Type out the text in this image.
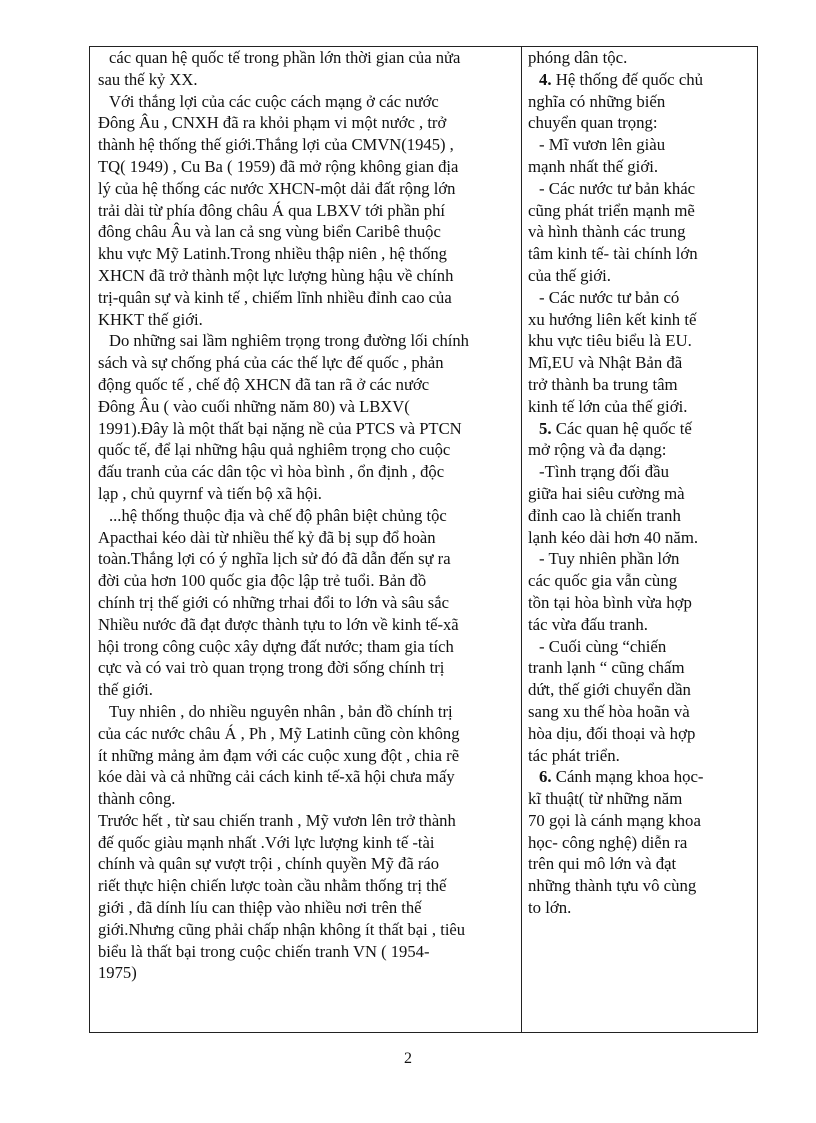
các quan hệ quốc tế trong phần lớn thời gian của nửa
sau thế kỷ XX.

Với thắng lợi của các cuộc cách mạng ở các nước
Đông Âu , CNXH đã ra khỏi phạm vi một nước , trở
thành hệ thống thế giới.Thắng lợi của CMVN(1945) ,
TQ( 1949) , Cu Ba ( 1959) đã mở rộng không gian địa
lý của hệ thống các nước XHCN-một dải đất rộng lớn
trải dài từ phía đông châu Á qua LBXV tới phần phí
đông châu Âu và lan cả sng vùng biển Caribê thuộc
khu vực Mỹ Latinh.Trong nhiều thập niên , hệ thống
XHCN đã trở thành một lực lượng hùng hậu về chính
trị-quân sự và kinh tế , chiếm lĩnh nhiều đỉnh cao của
KHKT thế giới.

Do những sai lầm nghiêm trọng trong đường lối chính
sách và sự chống phá của các thế lực đế quốc , phản
động quốc tế , chế độ XHCN đã tan rã ở các nước
Đông Âu ( vào cuối những năm 80) và LBXV(
1991).Đây là một thất bại nặng nề của PTCS và PTCN
quốc tế, để lại những hậu quả nghiêm trọng cho cuộc
đấu tranh của các dân tộc vì hòa bình , ổn định , độc
lạp , chủ quyrnf và tiến bộ xã hội.

...hệ thống thuộc địa và chế độ phân biệt chủng tộc
Apacthai kéo dài từ nhiều thế kỷ đã bị sụp đổ hoàn
toàn.Thắng lợi có ý nghĩa lịch sử đó đã dẫn đến sự ra
đời của hơn 100 quốc gia độc lập trẻ tuổi. Bản đồ
chính trị thế giới có những trhai đổi to lớn và sâu sắc
Nhiều nước đã đạt được thành tựu to lớn về kinh tế-xã
hội trong công cuộc xây dựng đất nước; tham gia tích
cực và có vai trò quan trọng trong đời sống chính trị
thế giới.

Tuy nhiên , do nhiều nguyên nhân , bản đồ chính trị
của các nước châu Á , Ph , Mỹ Latinh cũng còn không
ít những mảng ảm đạm với các cuộc xung đột , chia rẽ
kóe dài và cả những cải cách kinh tế-xã hội chưa mấy
thành công.

Trước hết , từ sau chiến tranh , Mỹ vươn lên trở thành
đế quốc giàu mạnh nhất .Với lực lượng kinh tế -tài
chính và quân sự vượt trội , chính quyền Mỹ đã ráo
riết thực hiện chiến lược toàn cầu nhằm thống trị thế
giới , đã dính líu can thiệp vào nhiều nơi trên thế
giới.Nhưng cũng phải chấp nhận không ít thất bại , tiêu
biểu là thất bại trong cuộc chiến tranh VN ( 1954-
1975)

phóng dân tộc.

4. Hệ thống đế quốc chủ
nghĩa có những biến
chuyển quan trọng:

- Mĩ vươn lên giàu
mạnh nhất thế giới.

- Các nước tư bản khác
cũng phát triển mạnh mẽ
và hình thành các trung
tâm kinh tế- tài chính lớn
của thế giới.

- Các nước tư bản có
xu hướng liên kết kinh tế
khu vực tiêu biểu là EU.
Mĩ,EU và Nhật Bản đã
trở thành ba trung tâm
kinh tế lớn của thế giới.

5. Các quan hệ quốc tế
mở rộng và đa dạng:

-Tình trạng đối đầu
giữa hai siêu cường mà
đỉnh cao là chiến tranh
lạnh kéo dài hơn 40 năm.

- Tuy nhiên phần lớn
các quốc gia vẫn cùng
tồn tại hòa bình vừa hợp
tác vừa đấu tranh.

- Cuối cùng “chiến
tranh lạnh “ cũng chấm
dứt, thế giới chuyển dần
sang xu thế hòa hoãn và
hòa dịu, đối thoại và hợp
tác phát triển.

6. Cánh mạng khoa học-
kĩ thuật( từ những năm
70 gọi là cánh mạng khoa
học- công nghệ) diễn ra
trên qui mô lớn và đạt
những thành tựu vô cùng
to lớn.

2
